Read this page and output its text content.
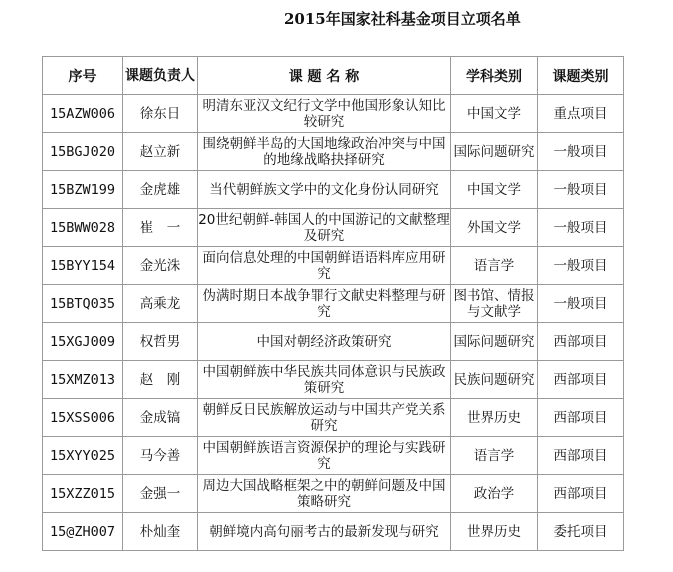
2015年国家社科基金项目立项名单
序号	课题负责人	课 题 名 称	学科类别	课题类别
15AZW006	徐东日	明清东亚汉文纪行文学中他国形象认知比较研究	中国文学	重点项目
15BGJ020	赵立新	围绕朝鲜半岛的大国地缘政治冲突与中国的地缘战略抉择研究	国际问题研究	一般项目
15BZW199	金虎雄	当代朝鲜族文学中的文化身份认同研究	中国文学	一般项目
15BWW028	崔　一	20世纪朝鲜-韩国人的中国游记的文献整理及研究	外国文学	一般项目
15BYY154	金光洙	面向信息处理的中国朝鲜语语料库应用研究	语言学	一般项目
15BTQ035	高乘龙	伪满时期日本战争罪行文献史料整理与研究	图书馆、情报与文献学	一般项目
15XGJ009	权哲男	中国对朝经济政策研究	国际问题研究	西部项目
15XMZ013	赵　刚	中国朝鲜族中华民族共同体意识与民族政策研究	民族问题研究	西部项目
15XSS006	金成镐	朝鲜反日民族解放运动与中国共产党关系研究	世界历史	西部项目
15XYY025	马今善	中国朝鲜族语言资源保护的理论与实践研究	语言学	西部项目
15XZZ015	金强一	周边大国战略框架之中的朝鲜问题及中国策略研究	政治学	西部项目
15@ZH007	朴灿奎	朝鲜境内高句丽考古的最新发现与研究	世界历史	委托项目
